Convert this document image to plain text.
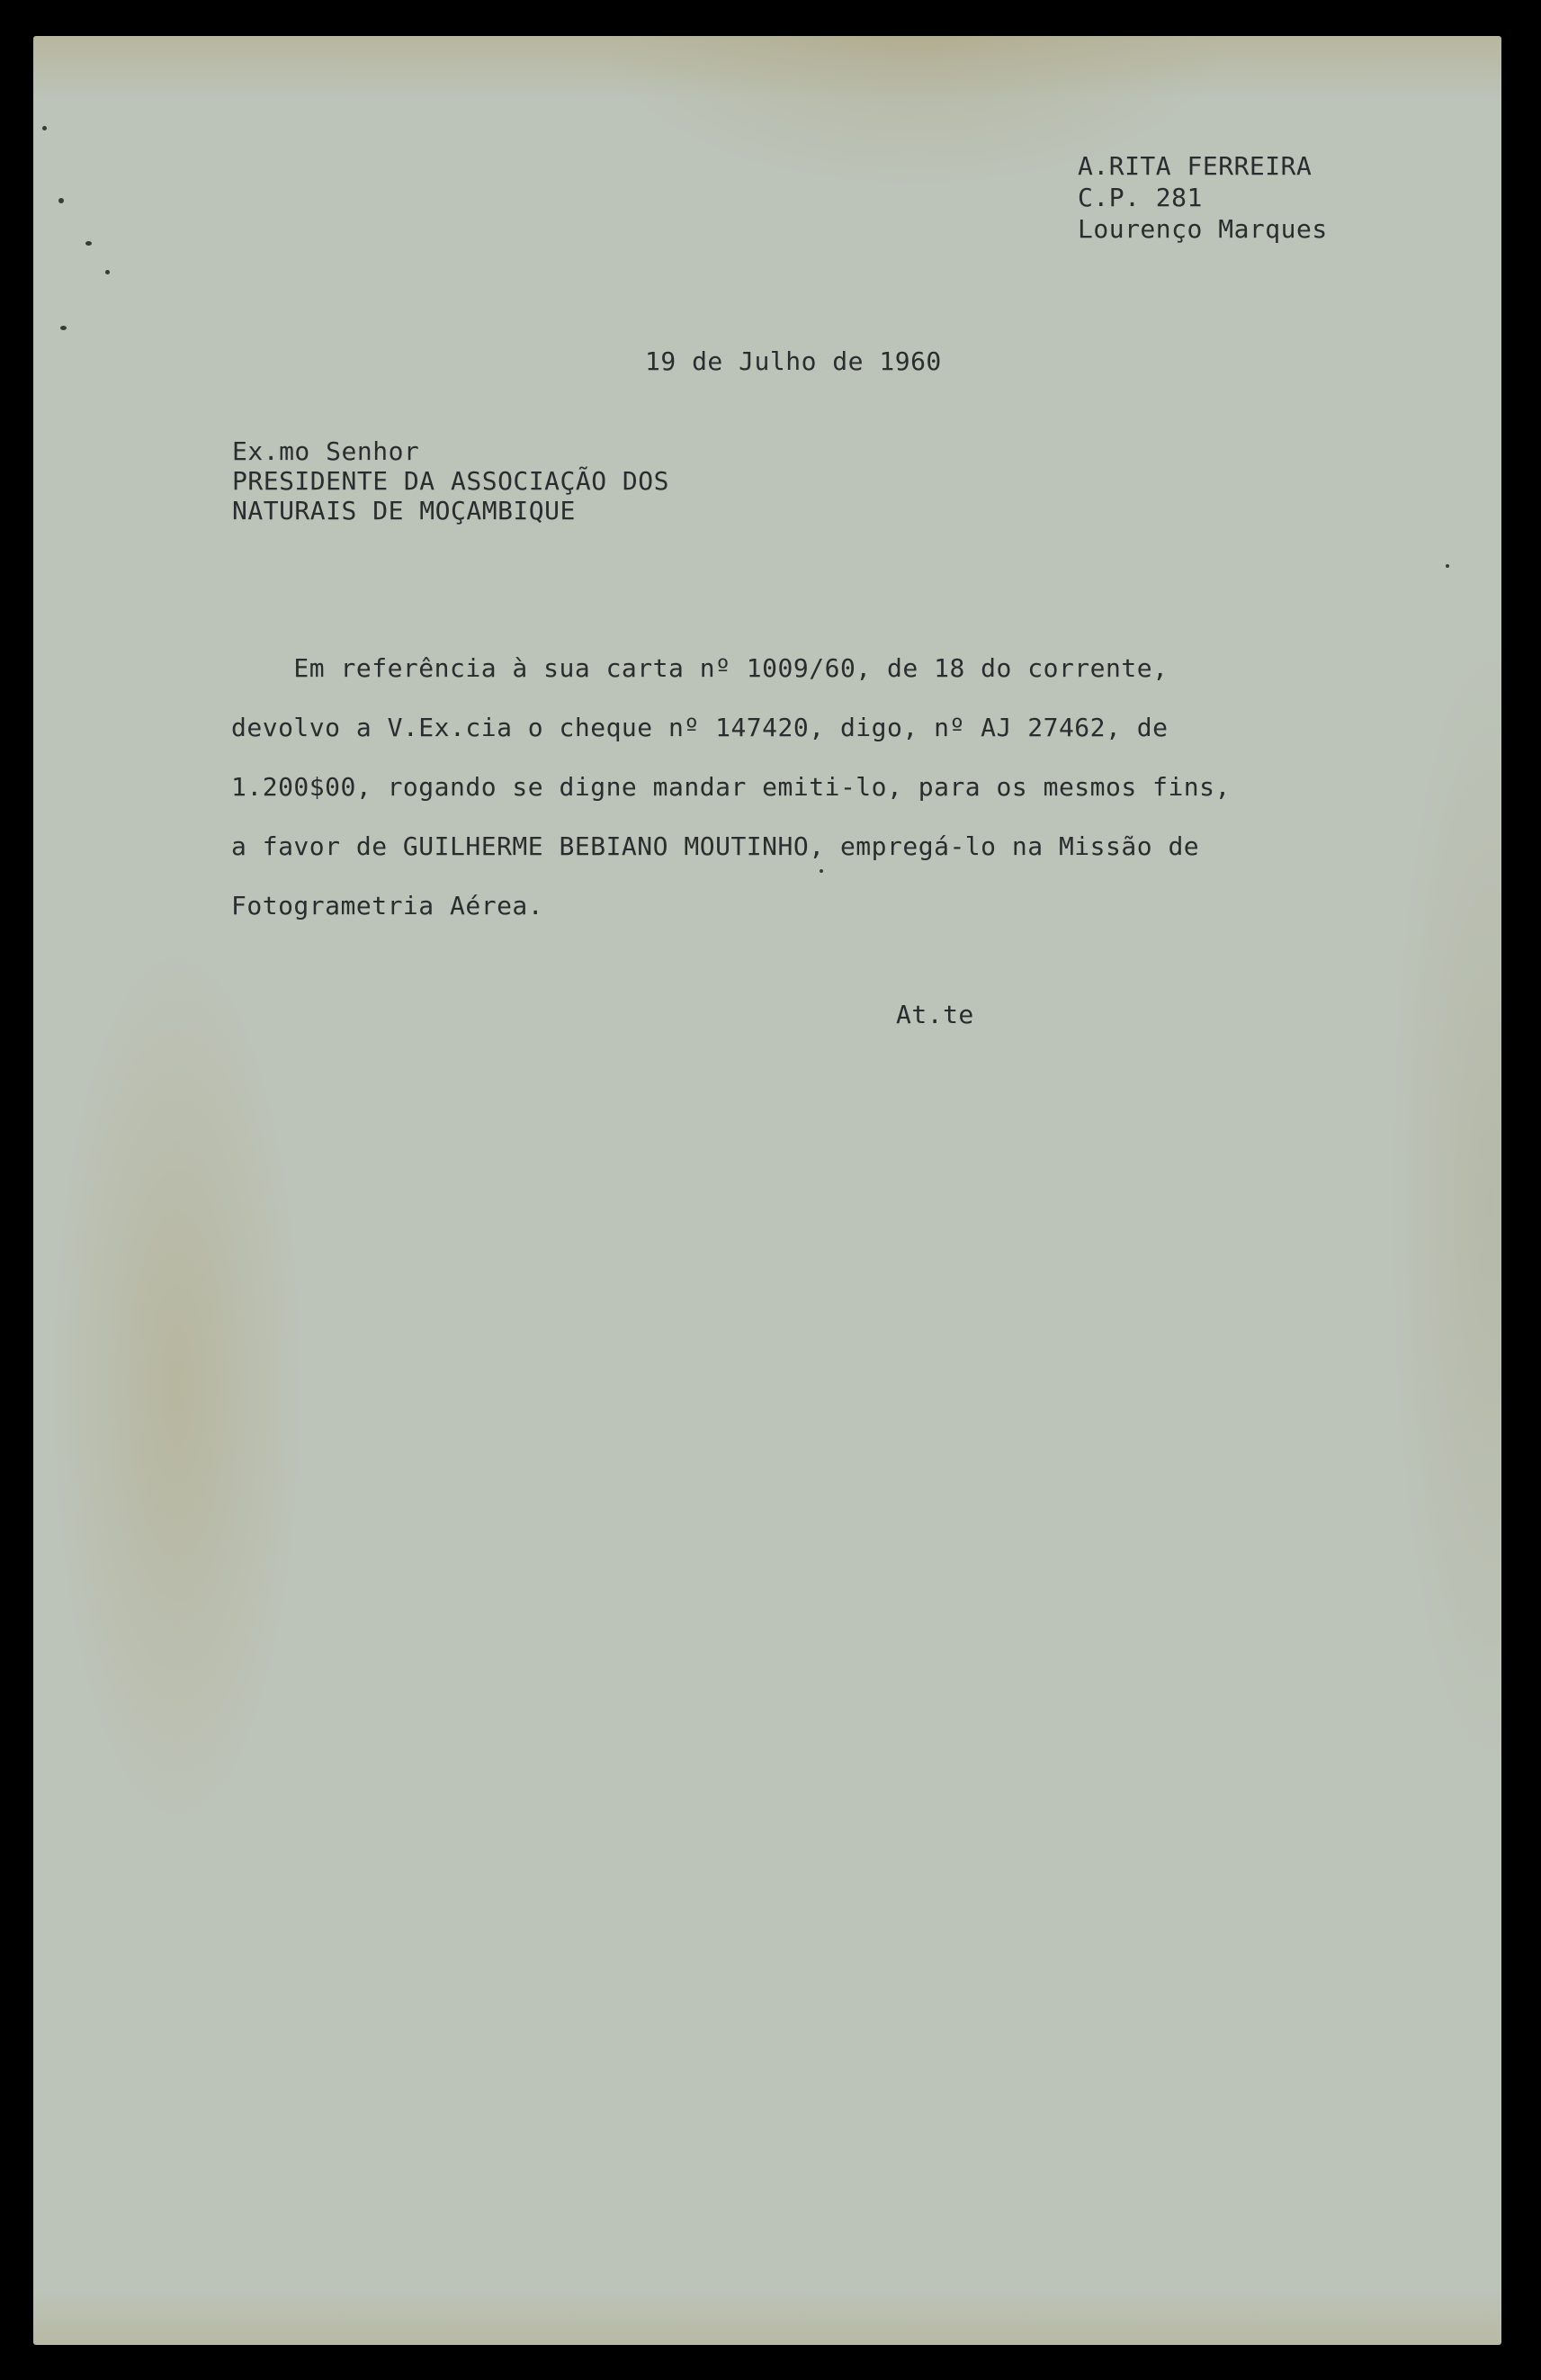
A.RITA FERREIRA
C.P. 281
Lourenço Marques
19 de Julho de 1960
Ex.mo Senhor
PRESIDENTE DA ASSOCIAÇÃO DOS
NATURAIS DE MOÇAMBIQUE
Em referência à sua carta nº 1009/60, de 18 do corrente,
devolvo a V.Ex.cia o cheque nº 147420, digo, nº AJ 27462, de
1.200$00, rogando se digne mandar emiti-lo, para os mesmos fins,
a favor de GUILHERME BEBIANO MOUTINHO, empregá-lo na Missão de
Fotogrametria Aérea.
At.te
